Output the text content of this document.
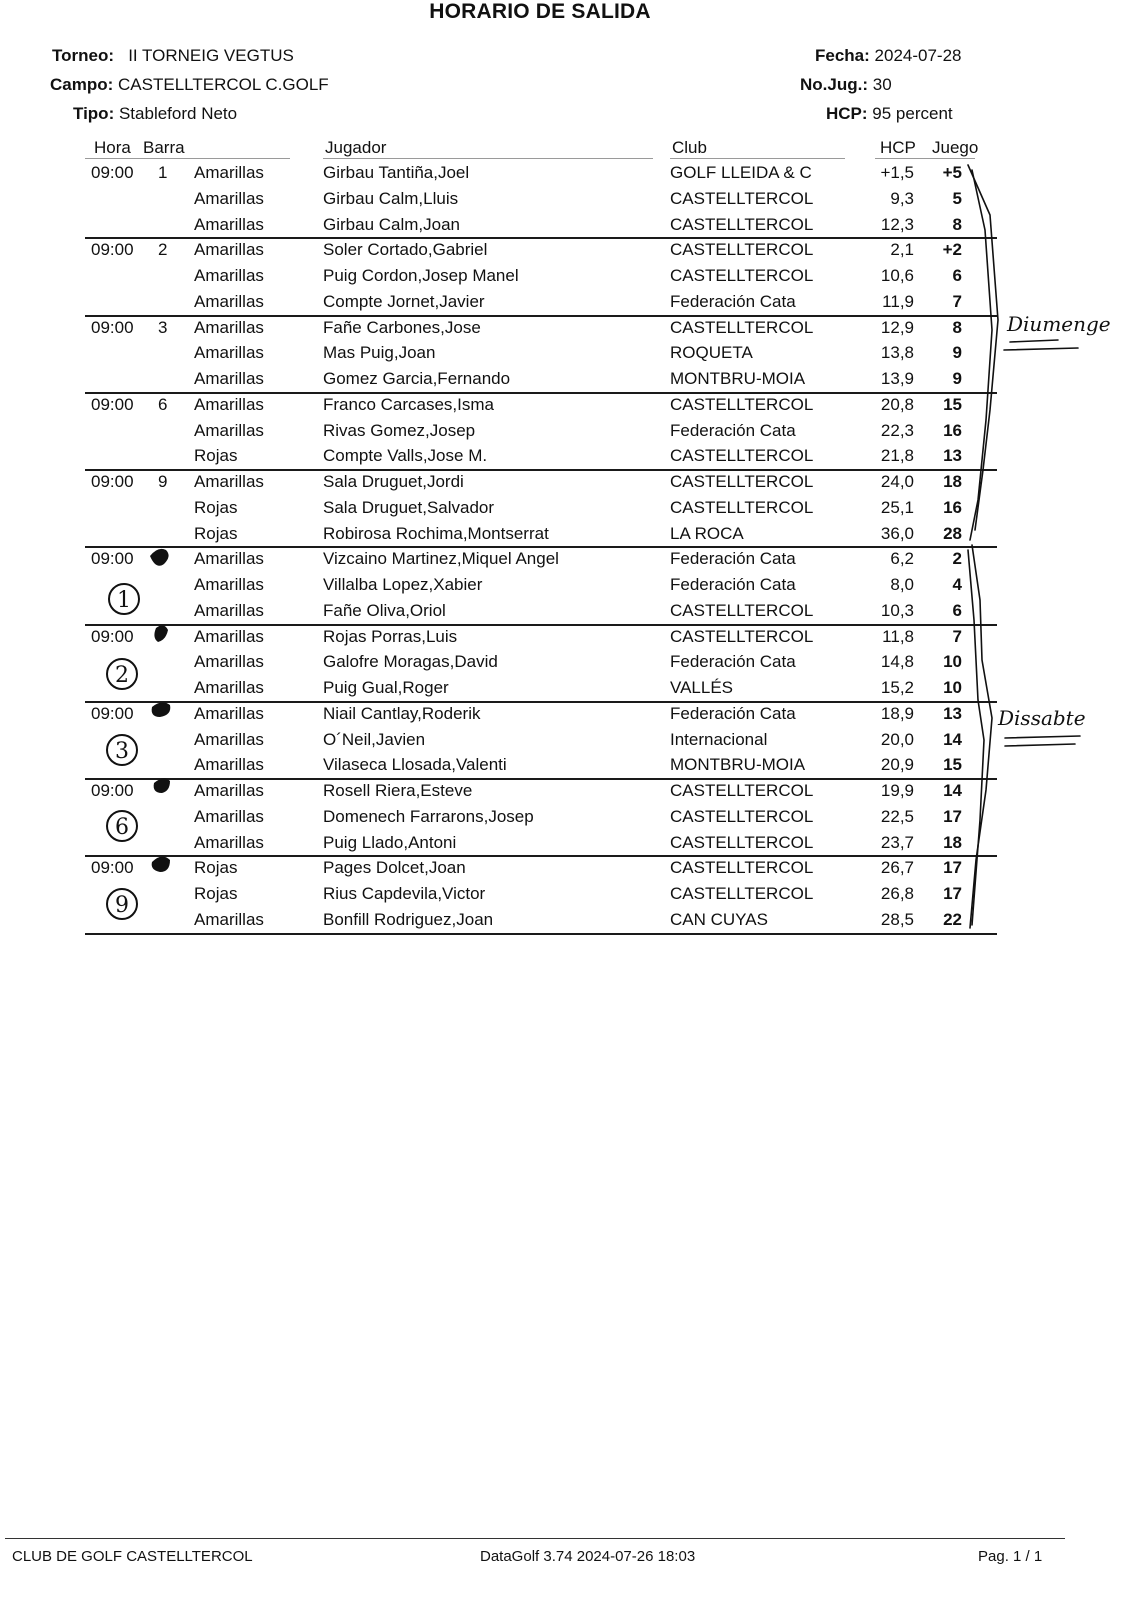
HORARIO DE SALIDA
Torneo: II TORNEIG VEGTUS
Campo: CASTELLTERCOL C.GOLF
Tipo: Stableford Neto
Fecha: 2024-07-28
No.Jug.: 30
HCP: 95 percent
Hora Barra	Jugador	Club	HCP Juego
09:00	1	Amarillas	Girbau Tantiña,Joel	GOLF LLEIDA & C	+1,5	+5
Amarillas	Girbau Calm,Lluis	CASTELLTERCOL	9,3	5
Amarillas	Girbau Calm,Joan	CASTELLTERCOL	12,3	8
09:00	2	Amarillas	Soler Cortado,Gabriel	CASTELLTERCOL	2,1	+2
Amarillas	Puig Cordon,Josep Manel	CASTELLTERCOL	10,6	6
Amarillas	Compte Jornet,Javier	Federación Cata	11,9	7
09:00	3	Amarillas	Fañe Carbones,Jose	CASTELLTERCOL	12,9	8
Amarillas	Mas Puig,Joan	ROQUETA	13,8	9
Amarillas	Gomez Garcia,Fernando	MONTBRU-MOIA	13,9	9
09:00	6	Amarillas	Franco Carcases,Isma	CASTELLTERCOL	20,8	15
Amarillas	Rivas Gomez,Josep	Federación Cata	22,3	16
Rojas	Compte Valls,Jose M.	CASTELLTERCOL	21,8	13
09:00	9	Amarillas	Sala Druguet,Jordi	CASTELLTERCOL	24,0	18
Rojas	Sala Druguet,Salvador	CASTELLTERCOL	25,1	16
Rojas	Robirosa Rochima,Montserrat	LA ROCA	36,0	28
09:00	Amarillas	Vizcaino Martinez,Miquel Angel	Federación Cata	6,2	2
Amarillas	Villalba Lopez,Xabier	Federación Cata	8,0	4
Amarillas	Fañe Oliva,Oriol	CASTELLTERCOL	10,3	6
09:00	Amarillas	Rojas Porras,Luis	CASTELLTERCOL	11,8	7
Amarillas	Galofre Moragas,David	Federación Cata	14,8	10
Amarillas	Puig Gual,Roger	VALLÉS	15,2	10
09:00	Amarillas	Niail Cantlay,Roderik	Federación Cata	18,9	13
Amarillas	O´Neil,Javien	Internacional	20,0	14
Amarillas	Vilaseca Llosada,Valenti	MONTBRU-MOIA	20,9	15
09:00	Amarillas	Rosell Riera,Esteve	CASTELLTERCOL	19,9	14
Amarillas	Domenech Farrarons,Josep	CASTELLTERCOL	22,5	17
Amarillas	Puig Llado,Antoni	CASTELLTERCOL	23,7	18
09:00	Rojas	Pages Dolcet,Joan	CASTELLTERCOL	26,7	17
Rojas	Rius Capdevila,Victor	CASTELLTERCOL	26,8	17
Amarillas	Bonfill Rodriguez,Joan	CAN CUYAS	28,5	22
1
2
3
6
9
Diumenge
Dissabte
CLUB DE GOLF CASTELLTERCOL	DataGolf 3.74 2024-07-26 18:03	Pag. 1 / 1
